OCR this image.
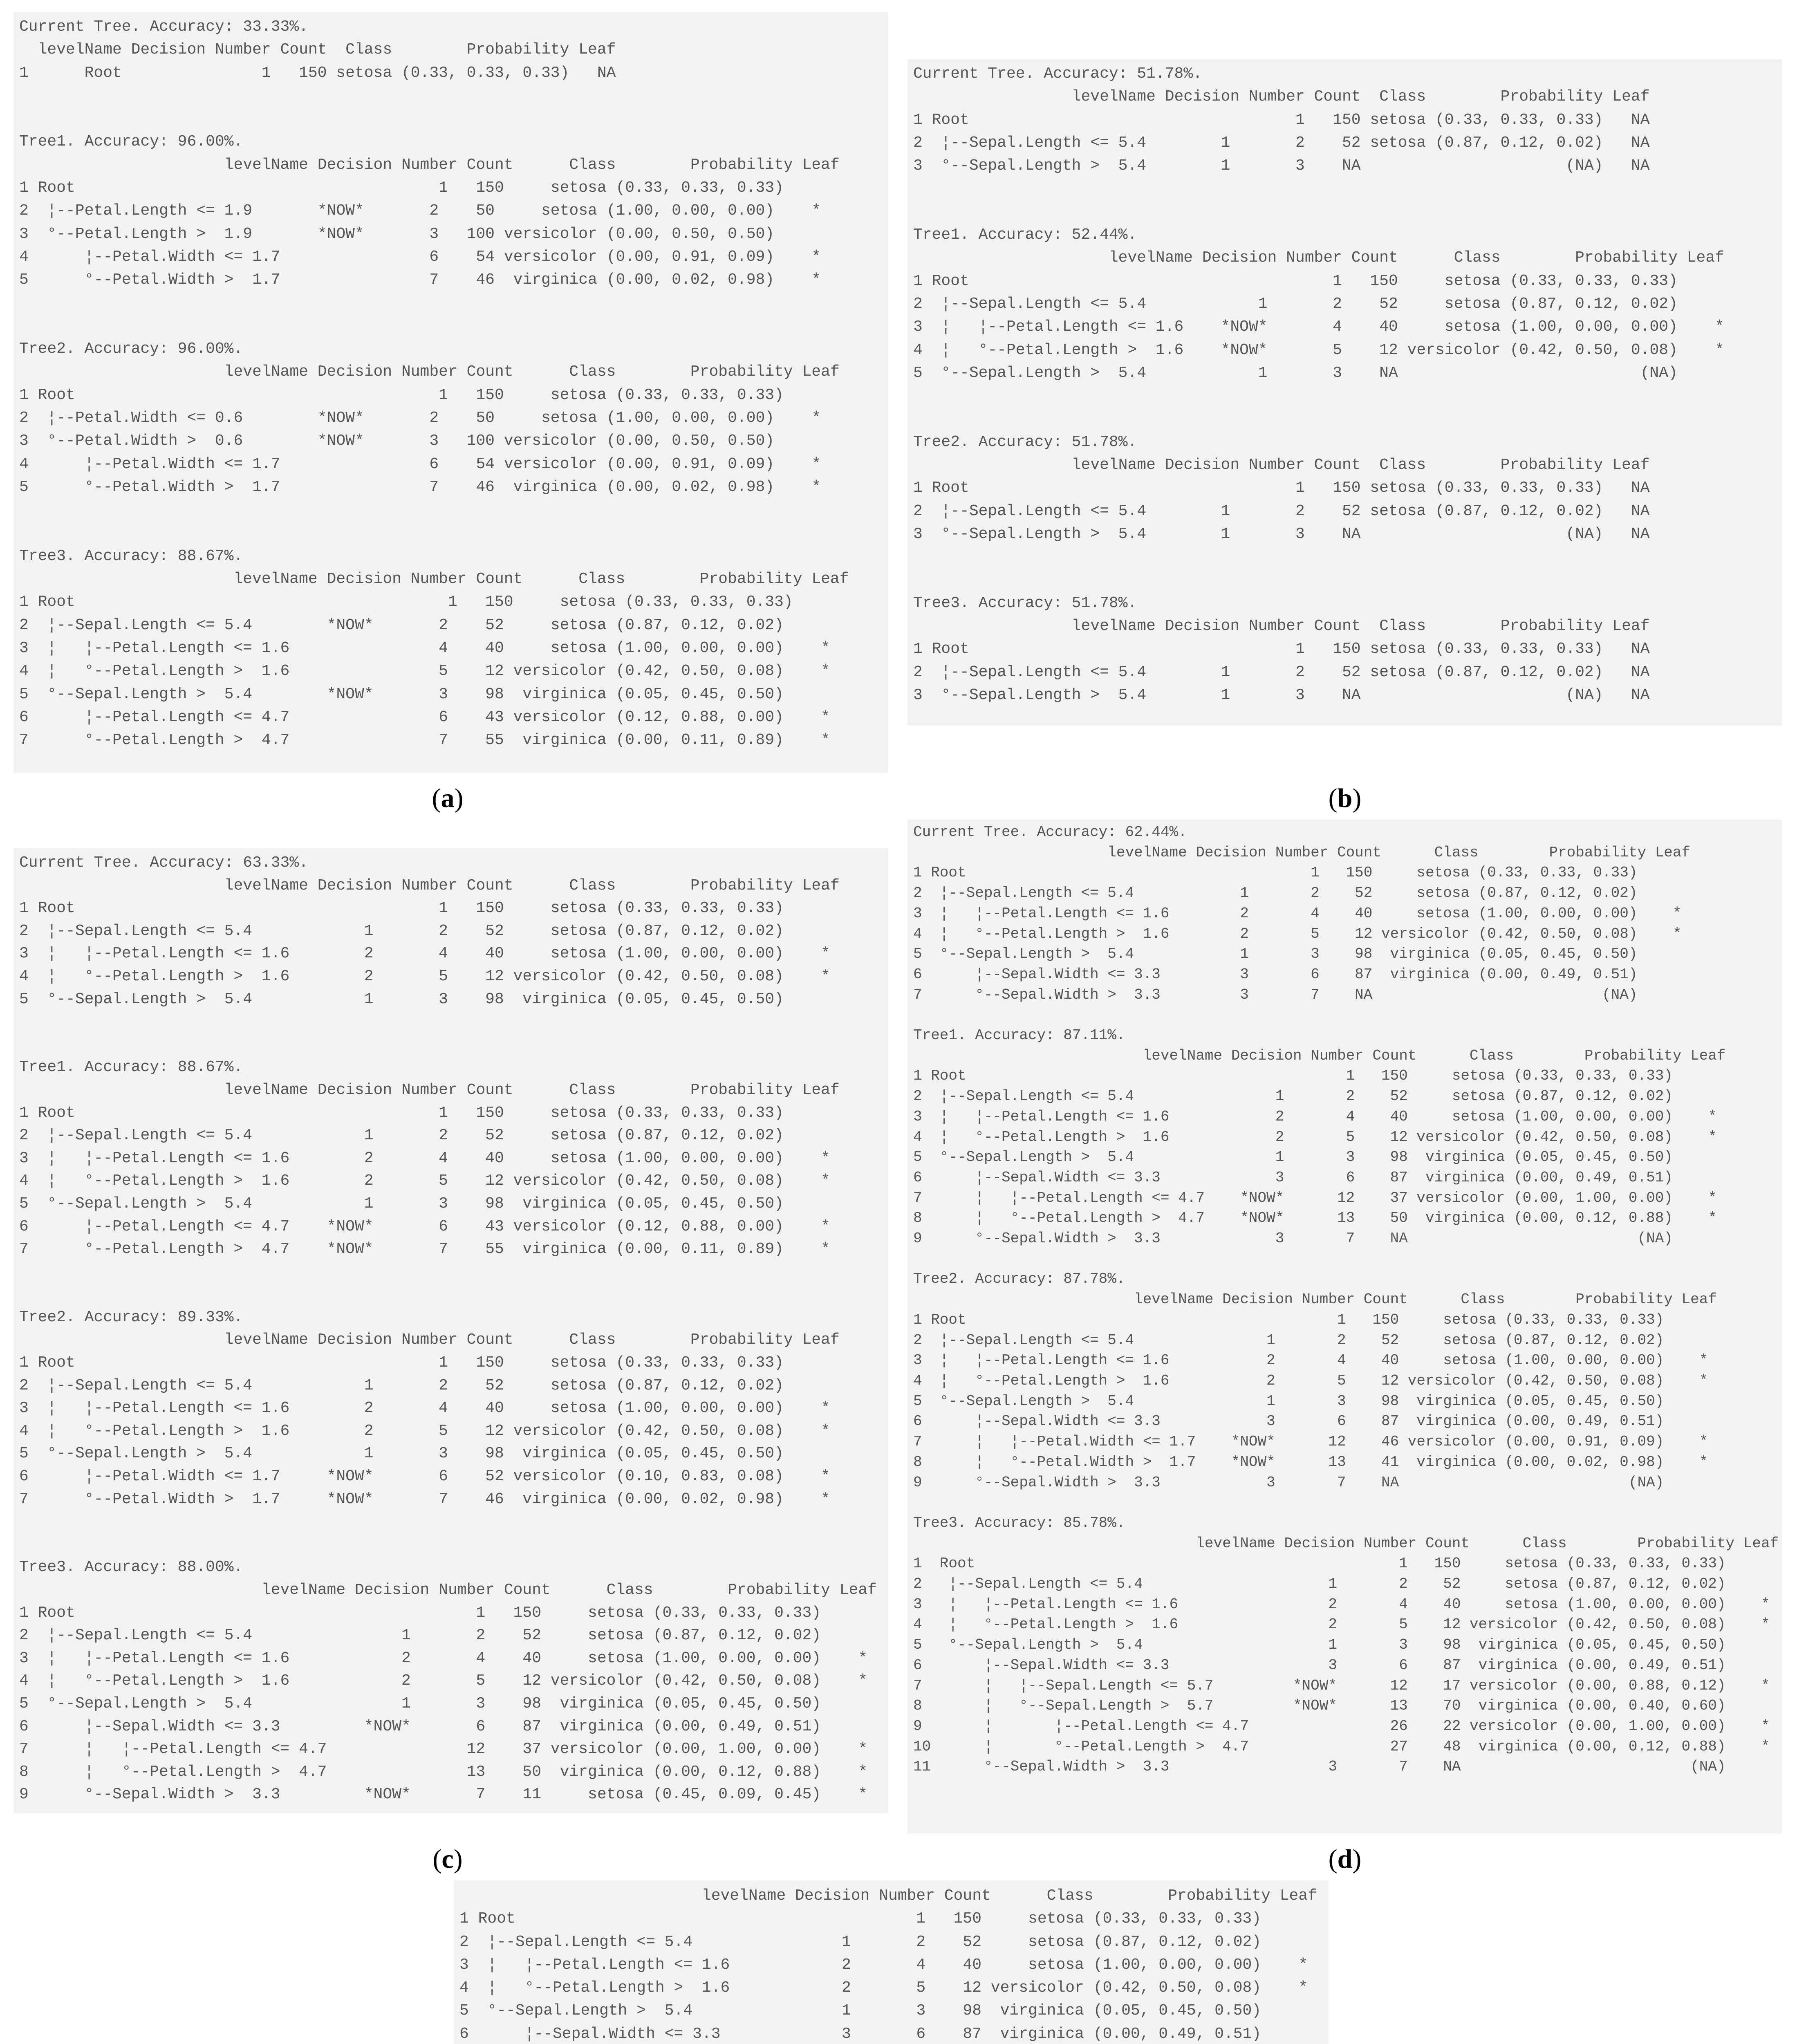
Current Tree. Accuracy: 33.33%.
levelName Decision Number Count  Class        Probability Leaf
1      Root               1   150 setosa (0.33, 0.33, 0.33)   NA

Tree1. Accuracy: 96.00%.
levelName Decision Number Count      Class        Probability Leaf
1 Root                                       1   150     setosa (0.33, 0.33, 0.33)
2  ¦--Petal.Length <= 1.9       *NOW*       2    50     setosa (1.00, 0.00, 0.00)    *
3  °--Petal.Length >  1.9       *NOW*       3   100 versicolor (0.00, 0.50, 0.50)
4      ¦--Petal.Width <= 1.7                6    54 versicolor (0.00, 0.91, 0.09)    *
5      °--Petal.Width >  1.7                7    46  virginica (0.00, 0.02, 0.98)    *

Tree2. Accuracy: 96.00%.
levelName Decision Number Count      Class        Probability Leaf
1 Root                                       1   150     setosa (0.33, 0.33, 0.33)
2  ¦--Petal.Width <= 0.6        *NOW*       2    50     setosa (1.00, 0.00, 0.00)    *
3  °--Petal.Width >  0.6        *NOW*       3   100 versicolor (0.00, 0.50, 0.50)
4      ¦--Petal.Width <= 1.7                6    54 versicolor (0.00, 0.91, 0.09)    *
5      °--Petal.Width >  1.7                7    46  virginica (0.00, 0.02, 0.98)    *

Tree3. Accuracy: 88.67%.
levelName Decision Number Count      Class        Probability Leaf
1 Root                                        1   150     setosa (0.33, 0.33, 0.33)
2  ¦--Sepal.Length <= 5.4        *NOW*       2    52     setosa (0.87, 0.12, 0.02)
3  ¦   ¦--Petal.Length <= 1.6                4    40     setosa (1.00, 0.00, 0.00)    *
4  ¦   °--Petal.Length >  1.6                5    12 versicolor (0.42, 0.50, 0.08)    *
5  °--Sepal.Length >  5.4        *NOW*       3    98  virginica (0.05, 0.45, 0.50)
6      ¦--Petal.Length <= 4.7                6    43 versicolor (0.12, 0.88, 0.00)    *
7      °--Petal.Length >  4.7                7    55  virginica (0.00, 0.11, 0.89)    *
(a)
Current Tree. Accuracy: 51.78%.
levelName Decision Number Count  Class        Probability Leaf
1 Root                                   1   150 setosa (0.33, 0.33, 0.33)   NA
2  ¦--Sepal.Length <= 5.4        1       2    52 setosa (0.87, 0.12, 0.02)   NA
3  °--Sepal.Length >  5.4        1       3    NA                      (NA)   NA

Tree1. Accuracy: 52.44%.
levelName Decision Number Count      Class        Probability Leaf
1 Root                                       1   150     setosa (0.33, 0.33, 0.33)
2  ¦--Sepal.Length <= 5.4            1       2    52     setosa (0.87, 0.12, 0.02)
3  ¦   ¦--Petal.Length <= 1.6    *NOW*       4    40     setosa (1.00, 0.00, 0.00)    *
4  ¦   °--Petal.Length >  1.6    *NOW*       5    12 versicolor (0.42, 0.50, 0.08)    *
5  °--Sepal.Length >  5.4            1       3    NA                          (NA)

Tree2. Accuracy: 51.78%.
levelName Decision Number Count  Class        Probability Leaf
1 Root                                   1   150 setosa (0.33, 0.33, 0.33)   NA
2  ¦--Sepal.Length <= 5.4        1       2    52 setosa (0.87, 0.12, 0.02)   NA
3  °--Sepal.Length >  5.4        1       3    NA                      (NA)   NA

Tree3. Accuracy: 51.78%.
levelName Decision Number Count  Class        Probability Leaf
1 Root                                   1   150 setosa (0.33, 0.33, 0.33)   NA
2  ¦--Sepal.Length <= 5.4        1       2    52 setosa (0.87, 0.12, 0.02)   NA
3  °--Sepal.Length >  5.4        1       3    NA                      (NA)   NA
(b)
Current Tree. Accuracy: 63.33%.
levelName Decision Number Count      Class        Probability Leaf
1 Root                                       1   150     setosa (0.33, 0.33, 0.33)
2  ¦--Sepal.Length <= 5.4            1       2    52     setosa (0.87, 0.12, 0.02)
3  ¦   ¦--Petal.Length <= 1.6        2       4    40     setosa (1.00, 0.00, 0.00)    *
4  ¦   °--Petal.Length >  1.6        2       5    12 versicolor (0.42, 0.50, 0.08)    *
5  °--Sepal.Length >  5.4            1       3    98  virginica (0.05, 0.45, 0.50)

Tree1. Accuracy: 88.67%.
levelName Decision Number Count      Class        Probability Leaf
1 Root                                       1   150     setosa (0.33, 0.33, 0.33)
2  ¦--Sepal.Length <= 5.4            1       2    52     setosa (0.87, 0.12, 0.02)
3  ¦   ¦--Petal.Length <= 1.6        2       4    40     setosa (1.00, 0.00, 0.00)    *
4  ¦   °--Petal.Length >  1.6        2       5    12 versicolor (0.42, 0.50, 0.08)    *
5  °--Sepal.Length >  5.4            1       3    98  virginica (0.05, 0.45, 0.50)
6      ¦--Petal.Length <= 4.7    *NOW*       6    43 versicolor (0.12, 0.88, 0.00)    *
7      °--Petal.Length >  4.7    *NOW*       7    55  virginica (0.00, 0.11, 0.89)    *

Tree2. Accuracy: 89.33%.
levelName Decision Number Count      Class        Probability Leaf
1 Root                                       1   150     setosa (0.33, 0.33, 0.33)
2  ¦--Sepal.Length <= 5.4            1       2    52     setosa (0.87, 0.12, 0.02)
3  ¦   ¦--Petal.Length <= 1.6        2       4    40     setosa (1.00, 0.00, 0.00)    *
4  ¦   °--Petal.Length >  1.6        2       5    12 versicolor (0.42, 0.50, 0.08)    *
5  °--Sepal.Length >  5.4            1       3    98  virginica (0.05, 0.45, 0.50)
6      ¦--Petal.Width <= 1.7     *NOW*       6    52 versicolor (0.10, 0.83, 0.08)    *
7      °--Petal.Width >  1.7     *NOW*       7    46  virginica (0.00, 0.02, 0.98)    *

Tree3. Accuracy: 88.00%.
levelName Decision Number Count      Class        Probability Leaf
1 Root                                           1   150     setosa (0.33, 0.33, 0.33)
2  ¦--Sepal.Length <= 5.4                1       2    52     setosa (0.87, 0.12, 0.02)
3  ¦   ¦--Petal.Length <= 1.6            2       4    40     setosa (1.00, 0.00, 0.00)    *
4  ¦   °--Petal.Length >  1.6            2       5    12 versicolor (0.42, 0.50, 0.08)    *
5  °--Sepal.Length >  5.4                1       3    98  virginica (0.05, 0.45, 0.50)
6      ¦--Sepal.Width <= 3.3         *NOW*       6    87  virginica (0.00, 0.49, 0.51)
7      ¦   ¦--Petal.Length <= 4.7               12    37 versicolor (0.00, 1.00, 0.00)    *
8      ¦   °--Petal.Length >  4.7               13    50  virginica (0.00, 0.12, 0.88)    *
9      °--Sepal.Width >  3.3         *NOW*       7    11     setosa (0.45, 0.09, 0.45)    *
(c)
Current Tree. Accuracy: 62.44%.
levelName Decision Number Count      Class        Probability Leaf
1 Root                                       1   150     setosa (0.33, 0.33, 0.33)
2  ¦--Sepal.Length <= 5.4            1       2    52     setosa (0.87, 0.12, 0.02)
3  ¦   ¦--Petal.Length <= 1.6        2       4    40     setosa (1.00, 0.00, 0.00)    *
4  ¦   °--Petal.Length >  1.6        2       5    12 versicolor (0.42, 0.50, 0.08)    *
5  °--Sepal.Length >  5.4            1       3    98  virginica (0.05, 0.45, 0.50)
6      ¦--Sepal.Width <= 3.3         3       6    87  virginica (0.00, 0.49, 0.51)
7      °--Sepal.Width >  3.3         3       7    NA                          (NA)

Tree1. Accuracy: 87.11%.
levelName Decision Number Count      Class        Probability Leaf
1 Root                                           1   150     setosa (0.33, 0.33, 0.33)
2  ¦--Sepal.Length <= 5.4                1       2    52     setosa (0.87, 0.12, 0.02)
3  ¦   ¦--Petal.Length <= 1.6            2       4    40     setosa (1.00, 0.00, 0.00)    *
4  ¦   °--Petal.Length >  1.6            2       5    12 versicolor (0.42, 0.50, 0.08)    *
5  °--Sepal.Length >  5.4                1       3    98  virginica (0.05, 0.45, 0.50)
6      ¦--Sepal.Width <= 3.3             3       6    87  virginica (0.00, 0.49, 0.51)
7      ¦   ¦--Petal.Length <= 4.7    *NOW*      12    37 versicolor (0.00, 1.00, 0.00)    *
8      ¦   °--Petal.Length >  4.7    *NOW*      13    50  virginica (0.00, 0.12, 0.88)    *
9      °--Sepal.Width >  3.3             3       7    NA                          (NA)

Tree2. Accuracy: 87.78%.
levelName Decision Number Count      Class        Probability Leaf
1 Root                                          1   150     setosa (0.33, 0.33, 0.33)
2  ¦--Sepal.Length <= 5.4               1       2    52     setosa (0.87, 0.12, 0.02)
3  ¦   ¦--Petal.Length <= 1.6           2       4    40     setosa (1.00, 0.00, 0.00)    *
4  ¦   °--Petal.Length >  1.6           2       5    12 versicolor (0.42, 0.50, 0.08)    *
5  °--Sepal.Length >  5.4               1       3    98  virginica (0.05, 0.45, 0.50)
6      ¦--Sepal.Width <= 3.3            3       6    87  virginica (0.00, 0.49, 0.51)
7      ¦   ¦--Petal.Width <= 1.7    *NOW*      12    46 versicolor (0.00, 0.91, 0.09)    *
8      ¦   °--Petal.Width >  1.7    *NOW*      13    41  virginica (0.00, 0.02, 0.98)    *
9      °--Sepal.Width >  3.3            3       7    NA                          (NA)

Tree3. Accuracy: 85.78%.
levelName Decision Number Count      Class        Probability Leaf
1  Root                                                1   150     setosa (0.33, 0.33, 0.33)
2   ¦--Sepal.Length <= 5.4                     1       2    52     setosa (0.87, 0.12, 0.02)
3   ¦   ¦--Petal.Length <= 1.6                 2       4    40     setosa (1.00, 0.00, 0.00)    *
4   ¦   °--Petal.Length >  1.6                 2       5    12 versicolor (0.42, 0.50, 0.08)    *
5   °--Sepal.Length >  5.4                     1       3    98  virginica (0.05, 0.45, 0.50)
6       ¦--Sepal.Width <= 3.3                  3       6    87  virginica (0.00, 0.49, 0.51)
7       ¦   ¦--Sepal.Length <= 5.7         *NOW*      12    17 versicolor (0.00, 0.88, 0.12)    *
8       ¦   °--Sepal.Length >  5.7         *NOW*      13    70  virginica (0.00, 0.40, 0.60)
9       ¦       ¦--Petal.Length <= 4.7                26    22 versicolor (0.00, 1.00, 0.00)    *
10      ¦       °--Petal.Length >  4.7                27    48  virginica (0.00, 0.12, 0.88)    *
11      °--Sepal.Width >  3.3                  3       7    NA                          (NA)
(d)
levelName Decision Number Count      Class        Probability Leaf
1 Root                                           1   150     setosa (0.33, 0.33, 0.33)
2  ¦--Sepal.Length <= 5.4                1       2    52     setosa (0.87, 0.12, 0.02)
3  ¦   ¦--Petal.Length <= 1.6            2       4    40     setosa (1.00, 0.00, 0.00)    *
4  ¦   °--Petal.Length >  1.6            2       5    12 versicolor (0.42, 0.50, 0.08)    *
5  °--Sepal.Length >  5.4                1       3    98  virginica (0.05, 0.45, 0.50)
6      ¦--Sepal.Width <= 3.3             3       6    87  virginica (0.00, 0.49, 0.51)
